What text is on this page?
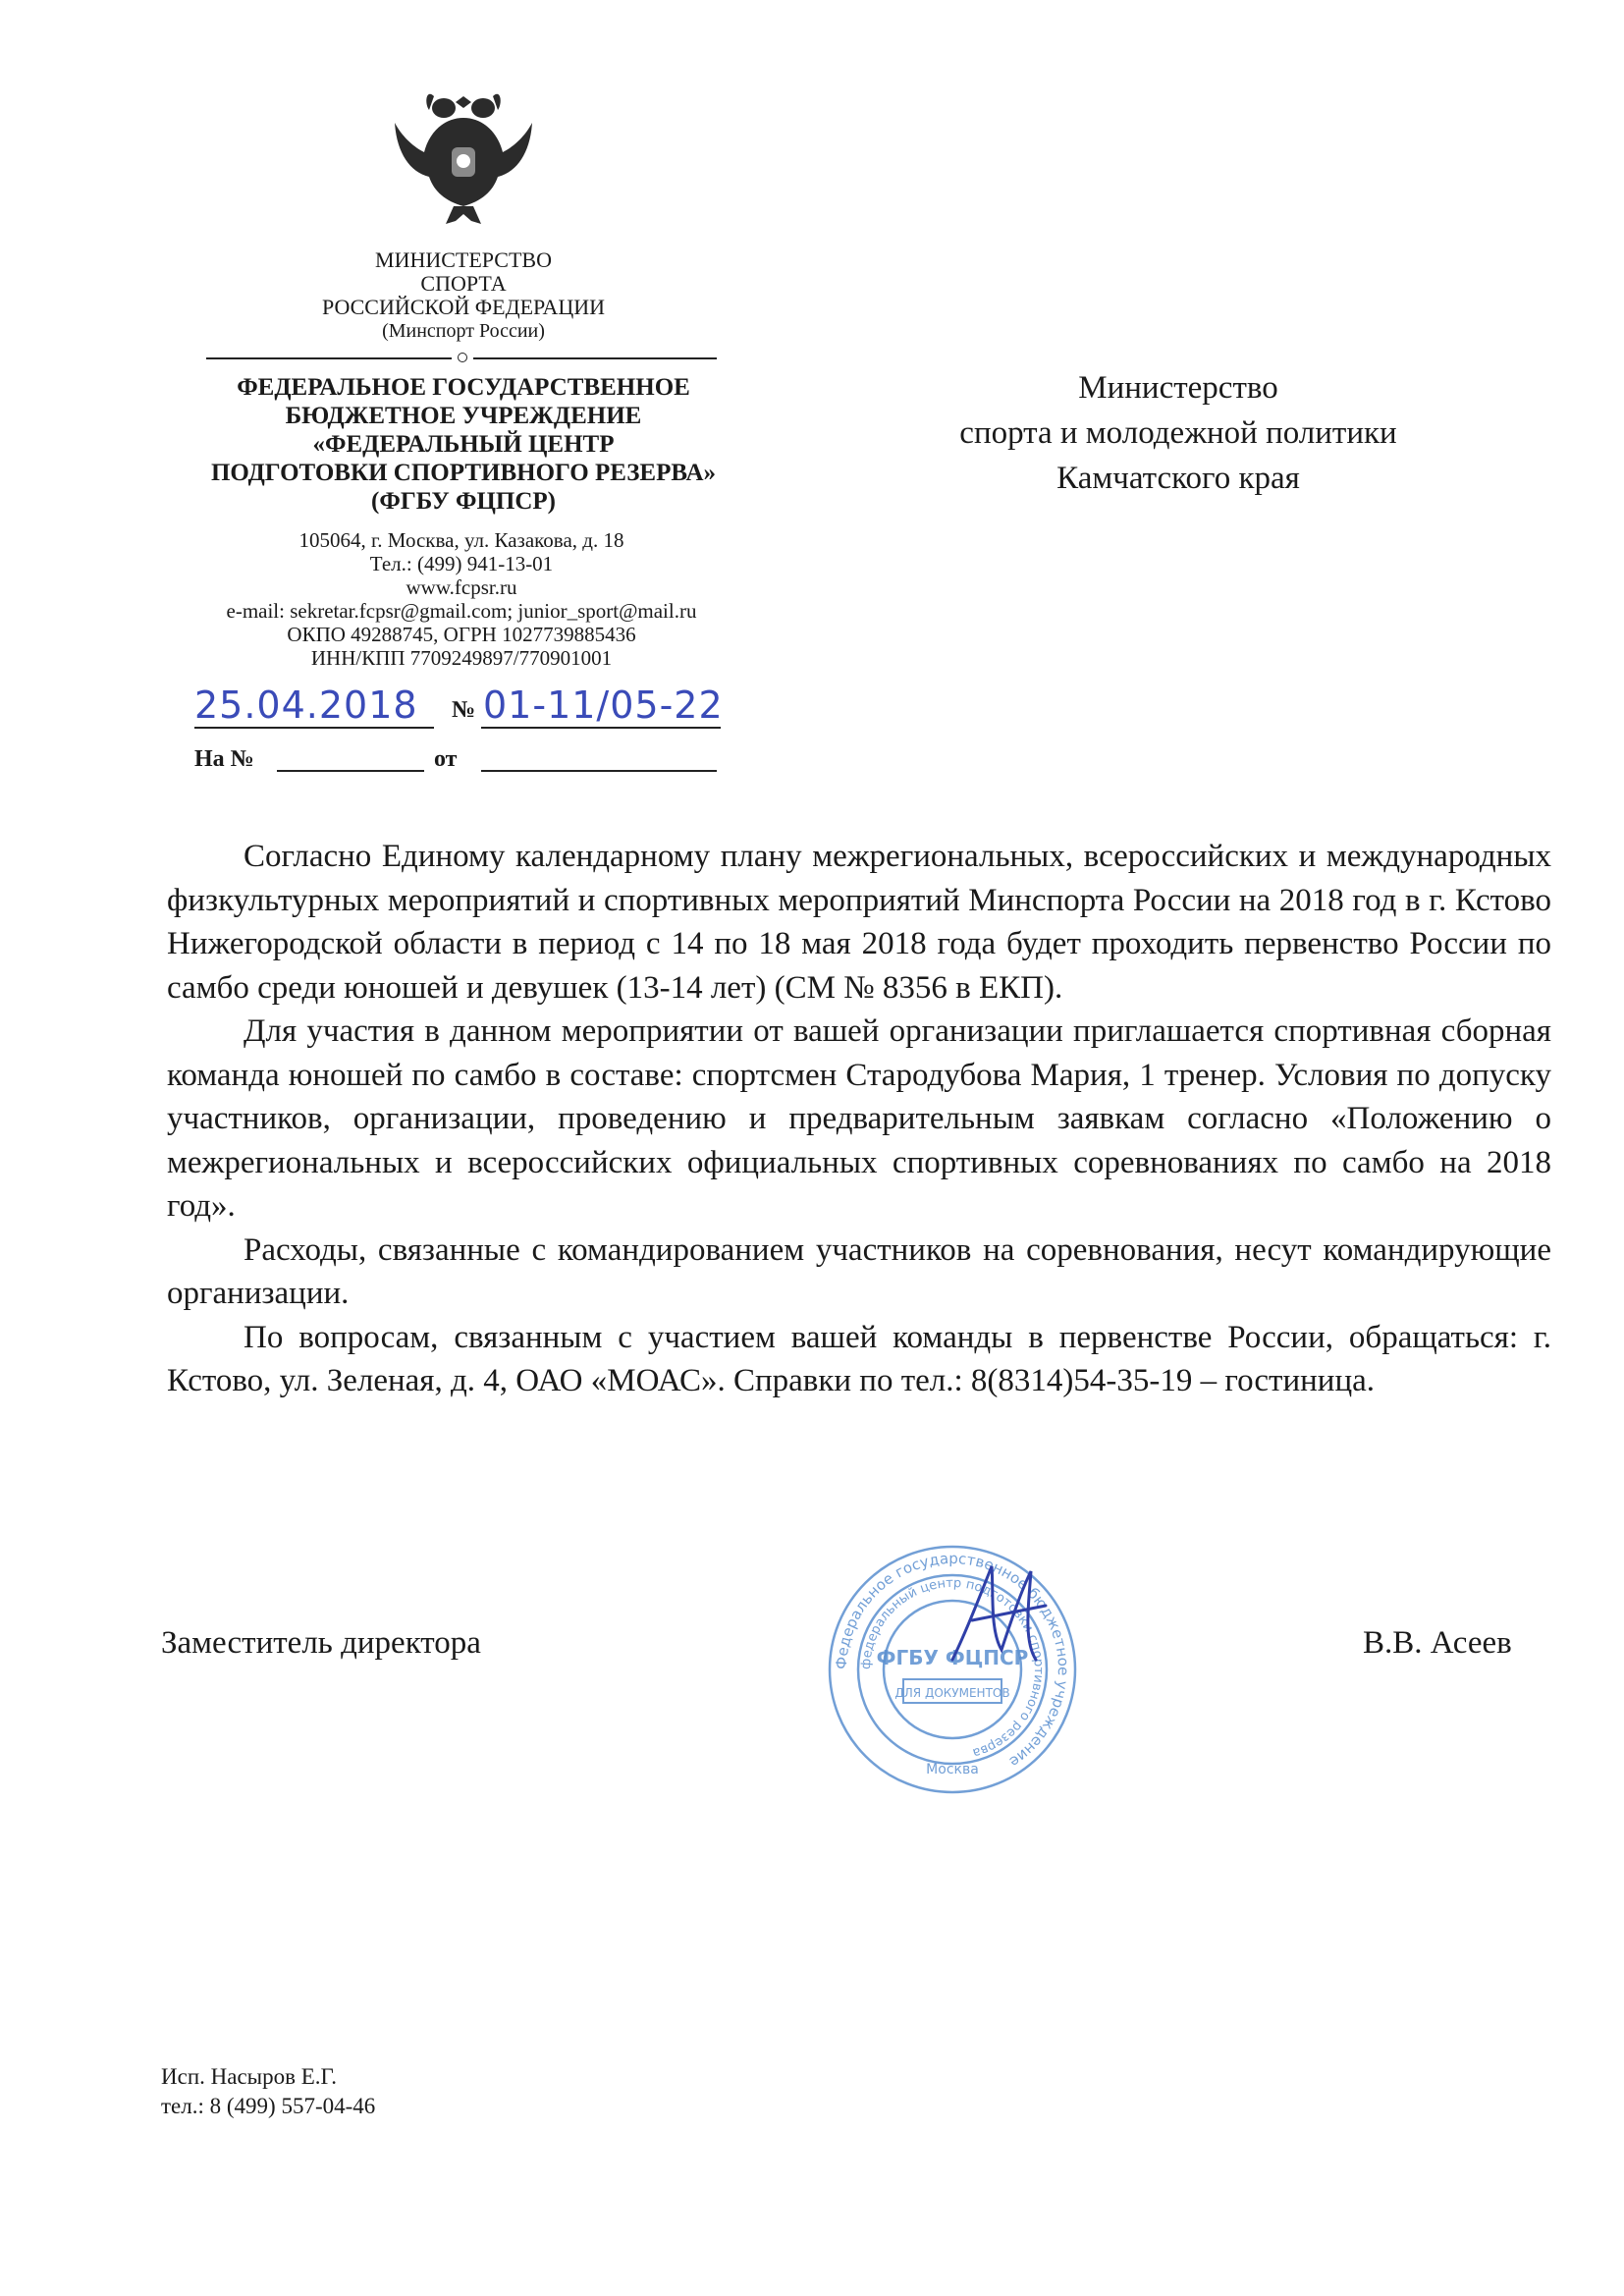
МИНИСТЕРСТВО
СПОРТА
РОССИЙСКОЙ ФЕДЕРАЦИИ
(Минспорт России)
ФЕДЕРАЛЬНОЕ ГОСУДАРСТВЕННОЕ
БЮДЖЕТНОЕ УЧРЕЖДЕНИЕ
«ФЕДЕРАЛЬНЫЙ ЦЕНТР
ПОДГОТОВКИ СПОРТИВНОГО РЕЗЕРВА»
(ФГБУ ФЦПСР)
105064, г. Москва, ул. Казакова, д. 18
Тел.: (499) 941-13-01
www.fcpsr.ru
e-mail: sekretar.fcpsr@gmail.com; junior_sport@mail.ru
ОКПО 49288745, ОГРН 1027739885436
ИНН/КПП 7709249897/770901001
25.04.2018 № 01-11/05-22
На №	от
Министерство
спорта и молодежной политики
Камчатского края

Согласно Единому календарному плану межрегиональных, всероссийских и международных физкультурных мероприятий и спортивных мероприятий Минспорта России на 2018 год в г. Кстово Нижегородской области в период с 14 по 18 мая 2018 года будет проходить первенство России по самбо среди юношей и девушек (13-14 лет) (СМ № 8356 в ЕКП).

Для участия в данном мероприятии от вашей организации приглашается спортивная сборная команда юношей по самбо в составе: спортсмен Стародубова Мария, 1 тренер. Условия по допуску участников, организации, проведению и предварительным заявкам согласно «Положению о межрегиональных и всероссийских официальных спортивных соревнованиях по самбо на 2018 год».

Расходы, связанные с командированием участников на соревнования, несут командирующие организации.

По вопросам, связанным с участием вашей команды в первенстве России, обращаться: г. Кстово, ул. Зеленая, д. 4, ОАО «МОАС». Справки по тел.: 8(8314)54-35-19 – гостиница.

Заместитель директора	В.В. Асеев
Федеральное государственное бюджетное учреждение
федеральный центр подготовки спортивного резерва
ФГБУ ФЦПСР
ДЛЯ ДОКУМЕНТОВ
Москва
Исп. Насыров Е.Г.
тел.: 8 (499) 557-04-46
